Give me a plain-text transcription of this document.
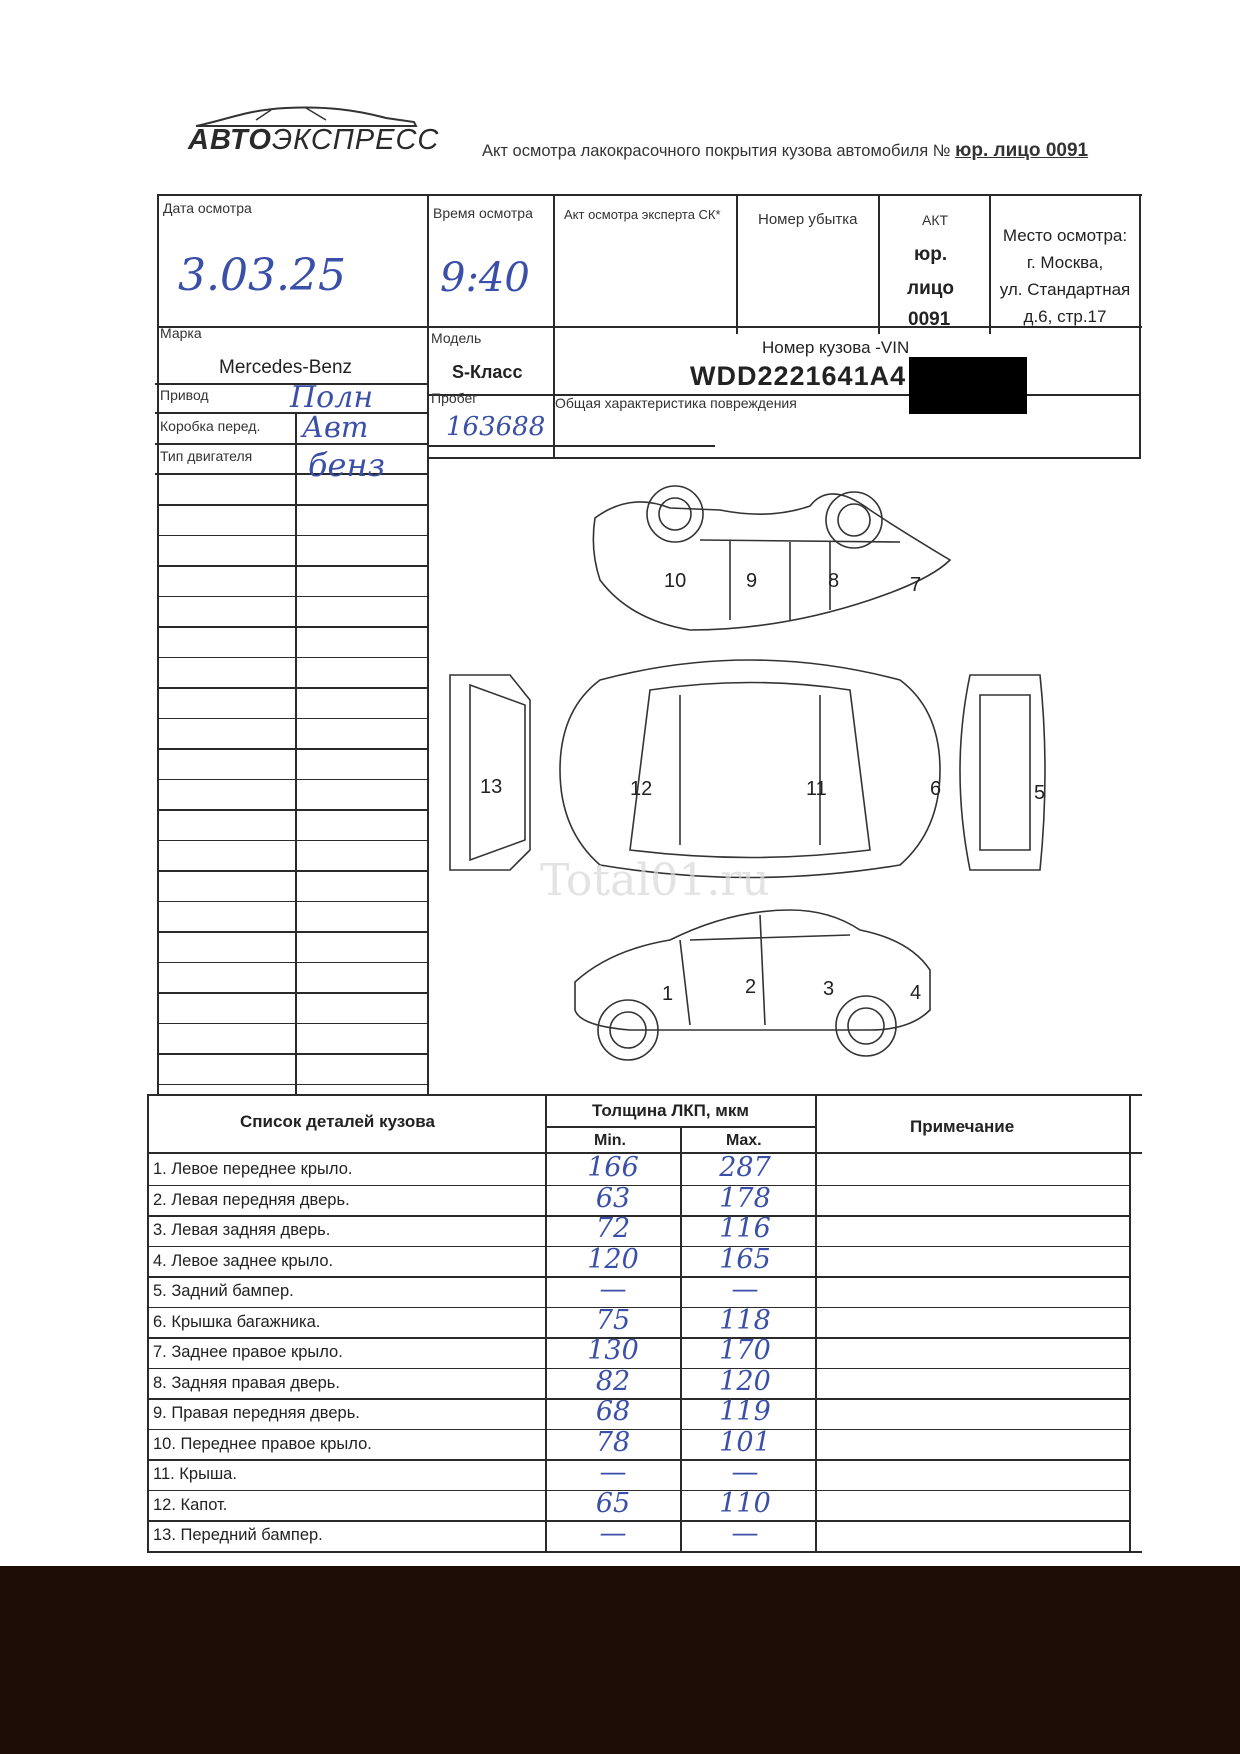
АВТОЭКСПРЕСС	Акт осмотра лакокрасочного покрытия кузова автомобиля № юр. лицо 0091
Дата осмотра
3.03.25
Время осмотра
9:40
Акт осмотра эксперта СК* Номер убытка	АКТ
юр.
лицо
0091
Место осмотра:
г. Москва,
ул. Стандартная
д.6, стр.17
Марка
Mercedes-Benz
Модель
S-Класс
Номер кузова -VIN
WDD2221641A4
Привод	Полн	Пробег
163688
Общая характеристика повреждения
Коробка перед. Авт
Тип двигателя бенз
1	2	3	4
5
6
7
8
9
10
11
12
13
Total01.ru
Список деталей кузова
Толщина ЛКП, мкм
Min.	Max.
Примечание
1. Левое переднее крыло.	166	287
2. Левая передняя дверь.	63	178
3. Левая задняя дверь.	72	116
4. Левое заднее крыло.	120	165
5. Задний бампер.	—	—
6. Крышка багажника.	75	118
7. Заднее правое крыло.	130	170
8. Задняя правая дверь.	82	120
9. Правая передняя дверь.	68	119
10. Переднее правое крыло.	78	101
11. Крыша.	—	—
12. Капот.	65	110
13. Передний бампер.	—	—
